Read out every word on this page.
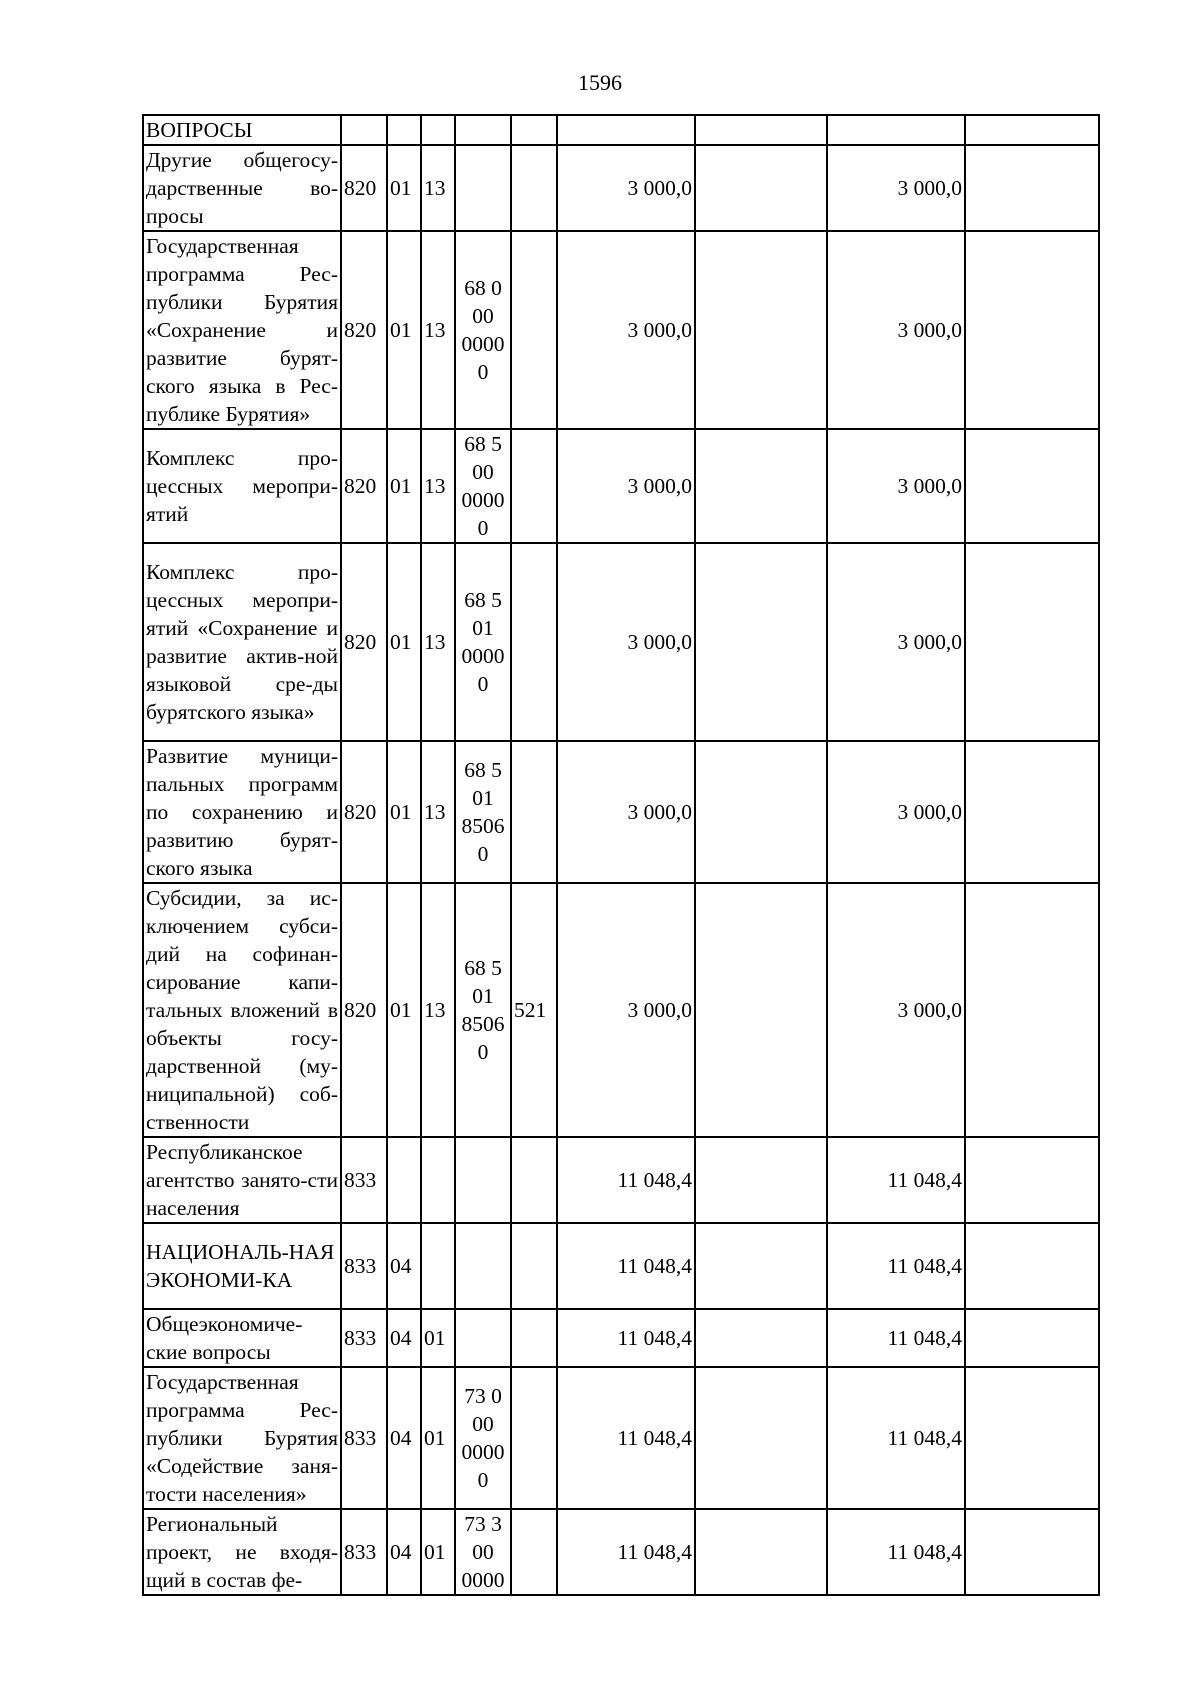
1596
ВОПРОСЫ									
Другие общегосу-дарственные во-просы	820	01	13			3 000,0		3 000,0	
Государственная программа Рес-публики Бурятия «Сохранение и развитие бурят-ского языка в Рес-публике Бурятия»	820	01	13	68 0 00 0000 0		3 000,0		3 000,0	
Комплекс про-цессных меропри-ятий	820	01	13	68 5 00 0000 0		3 000,0		3 000,0	
Комплекс про-цессных меропри-ятий «Сохранение и развитие актив-ной языковой сре-ды бурятского языка»	820	01	13	68 5 01 0000 0		3 000,0		3 000,0	
Развитие муници-пальных программ по сохранению и развитию бурят-ского языка	820	01	13	68 5 01 8506 0		3 000,0		3 000,0	
Субсидии, за ис-ключением субси-дий на софинан-сирование капи-тальных вложений в объекты госу-дарственной (му-ниципальной) соб-ственности	820	01	13	68 5 01 8506 0	521	3 000,0		3 000,0	
Республиканское агентство занято-сти населения	833					11 048,4		11 048,4	
НАЦИОНАЛЬ-НАЯ ЭКОНОМИ-КА	833	04				11 048,4		11 048,4	
Общеэкономиче-ские вопросы	833	04	01			11 048,4		11 048,4	
Государственная программа Рес-публики Бурятия «Содействие заня-тости населения»	833	04	01	73 0 00 0000 0		11 048,4		11 048,4	
Региональный проект, не входя-щий в состав фе-	833	04	01	73 3 00 0000		11 048,4		11 048,4	
